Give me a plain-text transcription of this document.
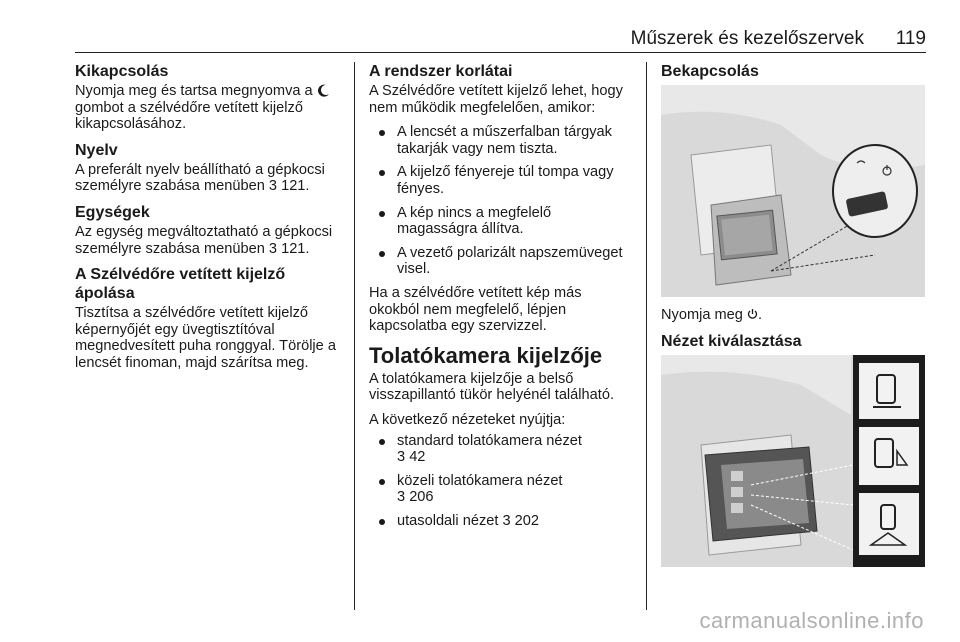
Műszerek és kezelőszervek 119
Kikapcsolás

Nyomja meg és tartsa megnyomva a  gombot a szélvédőre vetített kijelző kikapcsolásához.

Nyelv

A preferált nyelv beállítható a gépkocsi személyre szabása menüben 3 121.

Egységek

Az egység megváltoztatható a gépkocsi személyre szabása menüben 3 121.

A Szélvédőre vetített kijelző
ápolása

Tisztítsa a szélvédőre vetített kijelző képernyőjét egy üvegtisztítóval megnedvesített puha ronggyal. Törölje a lencsét finoman, majd szárítsa meg.

A rendszer korlátai

A Szélvédőre vetített kijelző lehet, hogy nem működik megfelelően, amikor:

A lencsét a műszerfalban tárgyak takarják vagy nem tiszta.
A kijelző fényereje túl tompa vagy fényes.
A kép nincs a megfelelő magasságra állítva.
A vezető polarizált napszemüveget visel.

Ha a szélvédőre vetített kép más okokból nem megfelelő, lépjen kapcsolatba egy szervizzel.

Tolatókamera kijelzője

A tolatókamera kijelzője a belső visszapillantó tükör helyénél található.

A következő nézeteket nyújtja:

standard tolatókamera nézet
3 42
közeli tolatókamera nézet
3 206
utasoldali nézet 3 202
Bekapcsolás

Nyomja meg .

Nézet kiválasztása
carmanualsonline.info
